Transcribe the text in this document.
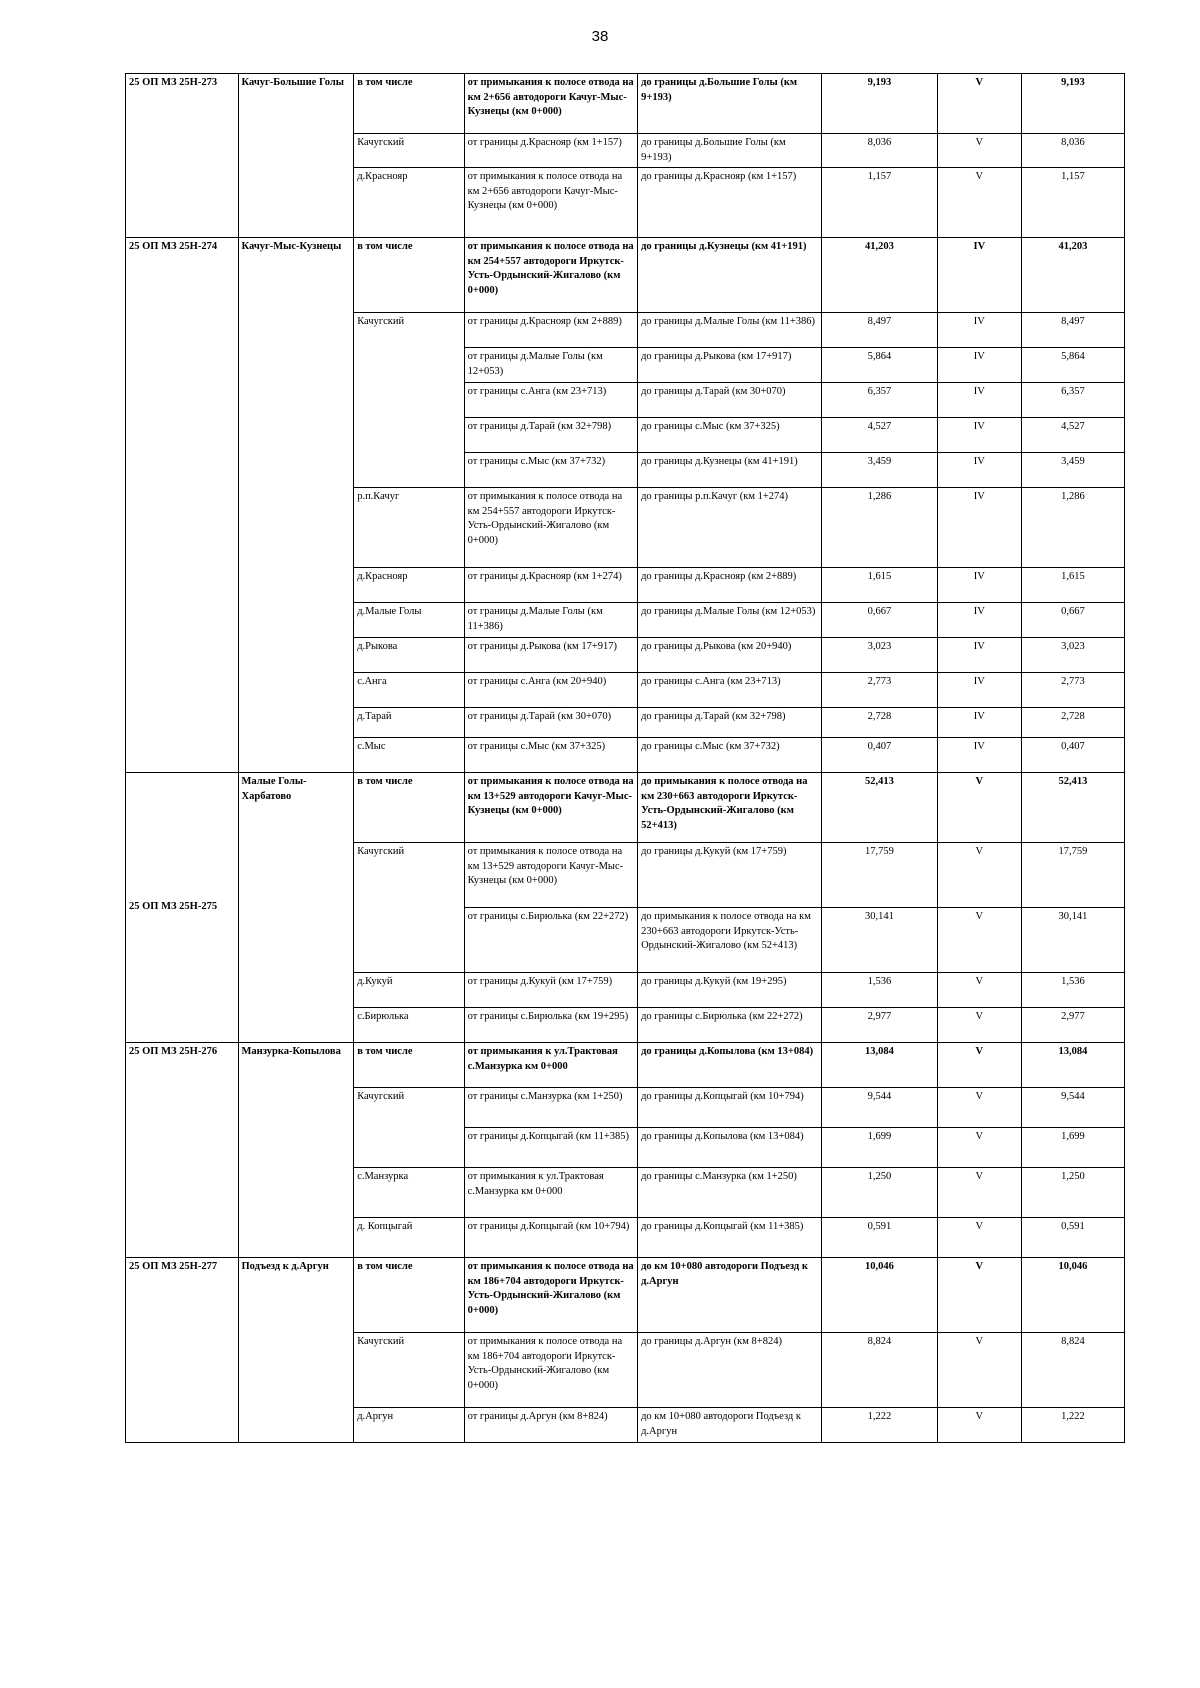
38
25 ОП МЗ 25Н-273	Качуг-Большие Голы	в том числе	от примыкания к полосе отвода на км 2+656 автодороги Качуг-Мыс-Кузнецы (км 0+000)	до границы д.Большие Голы (км 9+193)	9,193	V	9,193
		Качугский	от границы д.Краснояр (км 1+157)	до границы д.Большие Голы (км 9+193)	8,036	V	8,036
		д.Краснояр	от примыкания к полосе отвода на км 2+656 автодороги Качуг-Мыс-Кузнецы (км 0+000)	до границы д.Краснояр (км 1+157)	1,157	V	1,157
25 ОП МЗ 25Н-274	Качуг-Мыс-Кузнецы	в том числе	от примыкания к полосе отвода на км 254+557 автодороги Иркутск-Усть-Ордынский-Жигалово (км 0+000)	до границы д.Кузнецы (км 41+191)	41,203	IV	41,203
		Качугский	от границы д.Краснояр (км 2+889)	до границы д.Малые Голы (км 11+386)	8,497	IV	8,497
			от границы д.Малые Голы (км 12+053)	до границы д.Рыкова (км 17+917)	5,864	IV	5,864
			от границы с.Анга (км 23+713)	до границы д.Тарай (км 30+070)	6,357	IV	6,357
			от границы д.Тарай (км 32+798)	до границы с.Мыс (км 37+325)	4,527	IV	4,527
			от границы с.Мыс (км 37+732)	до границы д.Кузнецы (км 41+191)	3,459	IV	3,459
		р.п.Качуг	от примыкания к полосе отвода на км 254+557 автодороги Иркутск-Усть-Ордынский-Жигалово (км 0+000)	до границы р.п.Качуг (км 1+274)	1,286	IV	1,286
		д.Краснояр	от границы д.Краснояр (км 1+274)	до границы д.Краснояр (км 2+889)	1,615	IV	1,615
		д.Малые Голы	от границы д.Малые Голы (км 11+386)	до границы д.Малые Голы (км 12+053)	0,667	IV	0,667
		д.Рыкова	от границы д.Рыкова (км 17+917)	до границы д.Рыкова (км 20+940)	3,023	IV	3,023
		с.Анга	от границы с.Анга (км 20+940)	до границы с.Анга (км 23+713)	2,773	IV	2,773
		д.Тарай	от границы д.Тарай (км 30+070)	до границы д.Тарай (км 32+798)	2,728	IV	2,728
		с.Мыс	от границы с.Мыс (км 37+325)	до границы с.Мыс (км 37+732)	0,407	IV	0,407
25 ОП МЗ 25Н-275	Малые Голы-Харбатово	в том числе	от примыкания к полосе отвода на км 13+529 автодороги Качуг-Мыс-Кузнецы (км 0+000)	до примыкания к полосе отвода на км 230+663 автодороги Иркутск-Усть-Ордынский-Жигалово (км 52+413)	52,413	V	52,413
		Качугский	от примыкания к полосе отвода на км 13+529 автодороги Качуг-Мыс-Кузнецы (км 0+000)	до границы д.Кукуй (км 17+759)	17,759	V	17,759
			от границы с.Бирюлька (км 22+272)	до примыкания к полосе отвода на км 230+663 автодороги Иркутск-Усть-Ордынский-Жигалово (км 52+413)	30,141	V	30,141
		д.Кукуй	от границы д.Кукуй (км 17+759)	до границы д.Кукуй (км 19+295)	1,536	V	1,536
		с.Бирюлька	от границы с.Бирюлька (км 19+295)	до границы с.Бирюлька (км 22+272)	2,977	V	2,977
25 ОП МЗ 25Н-276	Манзурка-Копылова	в том числе	от примыкания к ул.Трактовая с.Манзурка км 0+000	до границы д.Копылова (км 13+084)	13,084	V	13,084
		Качугский	от границы с.Манзурка (км 1+250)	до границы д.Копцыгай (км 10+794)	9,544	V	9,544
			от границы д.Копцыгай (км 11+385)	до границы д.Копылова (км 13+084)	1,699	V	1,699
		с.Манзурка	от примыкания к ул.Трактовая с.Манзурка км 0+000	до границы с.Манзурка (км 1+250)	1,250	V	1,250
		д. Копцыгай	от границы д.Копцыгай (км 10+794)	до границы д.Копцыгай (км 11+385)	0,591	V	0,591
25 ОП МЗ 25Н-277	Подъезд к д.Аргун	в том числе	от примыкания к полосе отвода на км 186+704 автодороги Иркутск-Усть-Ордынский-Жигалово (км 0+000)	до км 10+080 автодороги Подъезд к д.Аргун	10,046	V	10,046
		Качугский	от примыкания к полосе отвода на км 186+704 автодороги Иркутск-Усть-Ордынский-Жигалово (км 0+000)	до границы д.Аргун (км 8+824)	8,824	V	8,824
		д.Аргун	от границы д.Аргун (км 8+824)	до км 10+080 автодороги Подъезд к д.Аргун	1,222	V	1,222
